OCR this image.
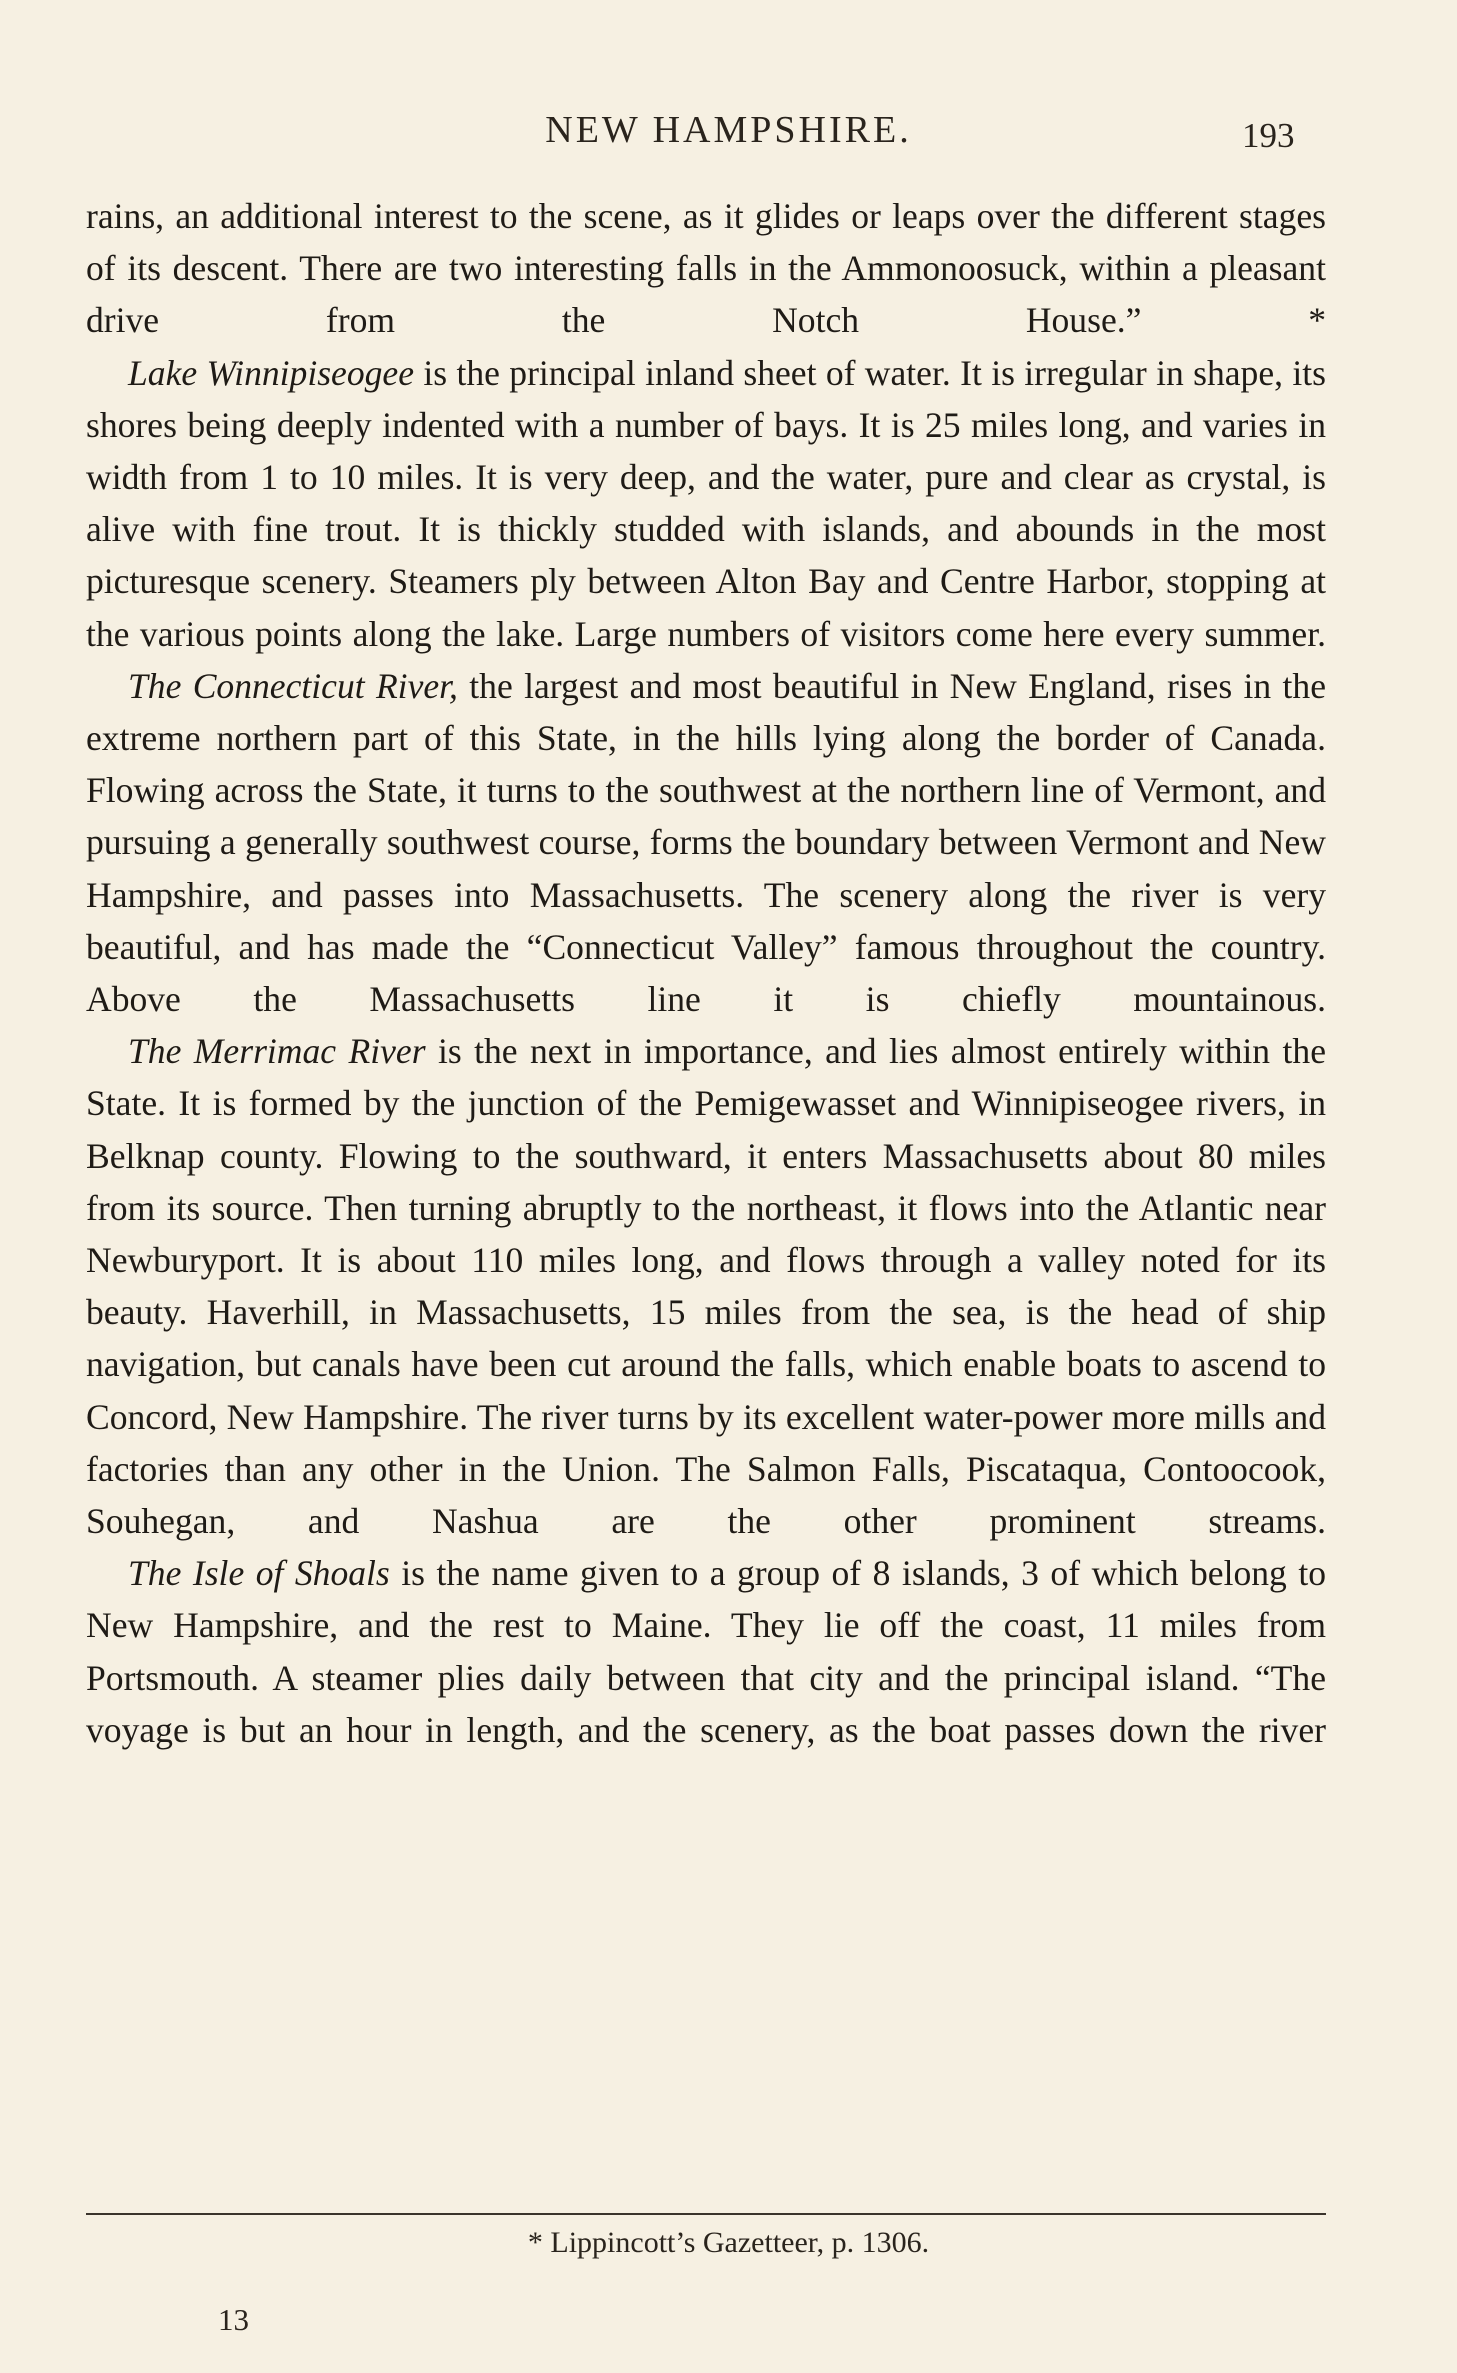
NEW HAMPSHIRE.	193

rains, an additional interest to the scene, as it glides or leaps over the different stages of its descent. There are two interesting falls in the Ammonoosuck, within a pleasant drive from the Notch House.” *

Lake Winnipiseogee is the principal inland sheet of water. It is irregular in shape, its shores being deeply indented with a number of bays. It is 25 miles long, and varies in width from 1 to 10 miles. It is very deep, and the water, pure and clear as crystal, is alive with fine trout. It is thickly studded with islands, and abounds in the most picturesque scenery. Steamers ply between Alton Bay and Centre Harbor, stopping at the various points along the lake. Large numbers of visitors come here every summer.

The Connecticut River, the largest and most beautiful in New England, rises in the extreme northern part of this State, in the hills lying along the border of Canada. Flowing across the State, it turns to the southwest at the northern line of Vermont, and pursuing a generally southwest course, forms the boundary between Vermont and New Hampshire, and passes into Massachusetts. The scenery along the river is very beautiful, and has made the “Connecticut Valley” famous throughout the country. Above the Massachusetts line it is chiefly mountainous.

The Merrimac River is the next in importance, and lies almost entirely within the State. It is formed by the junction of the Pemigewasset and Winnipiseogee rivers, in Belknap county. Flowing to the southward, it enters Massachusetts about 80 miles from its source. Then turning abruptly to the northeast, it flows into the Atlantic near Newburyport. It is about 110 miles long, and flows through a valley noted for its beauty. Haverhill, in Massachusetts, 15 miles from the sea, is the head of ship navigation, but canals have been cut around the falls, which enable boats to ascend to Concord, New Hampshire. The river turns by its excellent water-power more mills and factories than any other in the Union. The Salmon Falls, Piscataqua, Contoocook, Souhegan, and Nashua are the other prominent streams.

The Isle of Shoals is the name given to a group of 8 islands, 3 of which belong to New Hampshire, and the rest to Maine. They lie off the coast, 11 miles from Portsmouth. A steamer plies daily between that city and the principal island. “The voyage is but an hour in length, and the scenery, as the boat passes down the river

* Lippincott’s Gazetteer, p. 1306.
13
